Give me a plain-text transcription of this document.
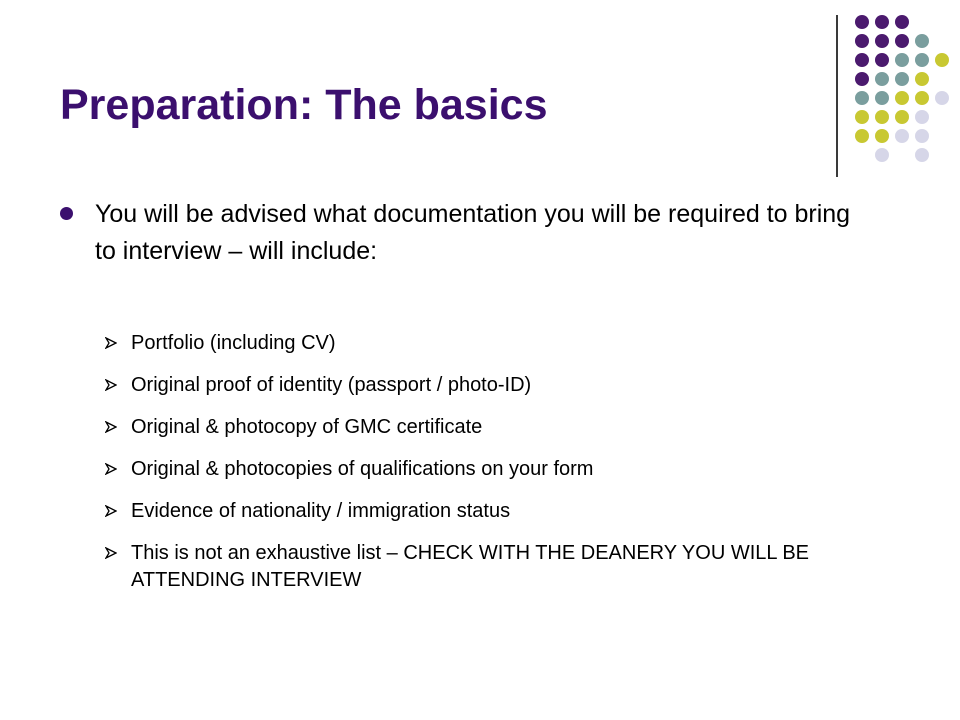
Preparation: The basics
You will be advised what documentation you will be required to bring to interview – will include:
Portfolio (including CV)
Original proof of identity (passport / photo-ID)
Original & photocopy of GMC certificate
Original & photocopies of qualifications on your form
Evidence of nationality / immigration status
This is not an exhaustive list – CHECK WITH THE DEANERY YOU WILL BE ATTENDING INTERVIEW
